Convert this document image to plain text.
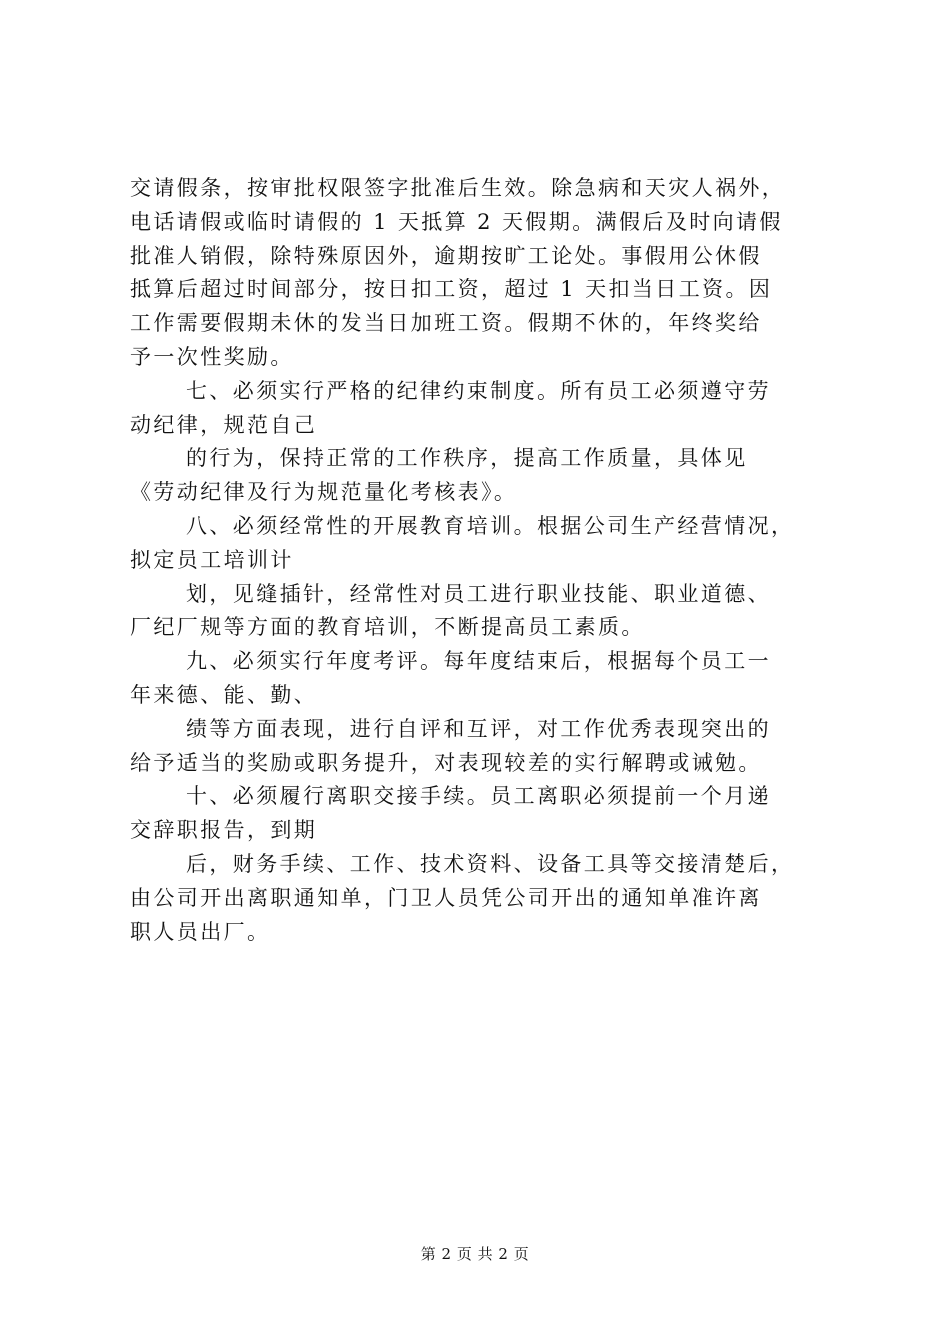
交请假条，按审批权限签字批准后生效。除急病和天灾人祸外，
电话请假或临时请假的 1 天抵算 2 天假期。满假后及时向请假
批准人销假，除特殊原因外，逾期按旷工论处。事假用公休假
抵算后超过时间部分，按日扣工资，超过 1 天扣当日工资。因
工作需要假期未休的发当日加班工资。假期不休的，年终奖给
予一次性奖励。
七、必须实行严格的纪律约束制度。所有员工必须遵守劳
动纪律，规范自己
的行为，保持正常的工作秩序，提高工作质量，具体见
《劳动纪律及行为规范量化考核表》。
八、必须经常性的开展教育培训。根据公司生产经营情况，
拟定员工培训计
划，见缝插针，经常性对员工进行职业技能、职业道德、
厂纪厂规等方面的教育培训，不断提高员工素质。
九、必须实行年度考评。每年度结束后，根据每个员工一
年来德、能、勤、
绩等方面表现，进行自评和互评，对工作优秀表现突出的
给予适当的奖励或职务提升，对表现较差的实行解聘或诫勉。
十、必须履行离职交接手续。员工离职必须提前一个月递
交辞职报告，到期
后，财务手续、工作、技术资料、设备工具等交接清楚后，
由公司开出离职通知单，门卫人员凭公司开出的通知单准许离
职人员出厂。
第 2 页 共 2 页
